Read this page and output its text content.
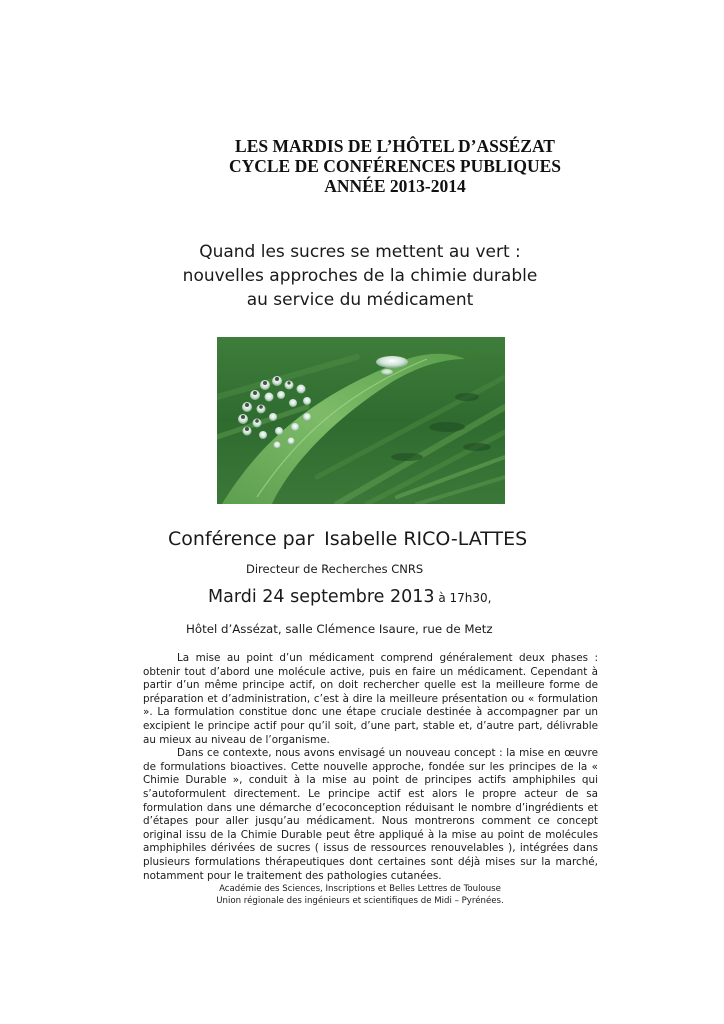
LES MARDIS DE L’HÔTEL D’ASSÉZAT
CYCLE DE CONFÉRENCES PUBLIQUES
ANNÉE 2013-2014
Quand les sucres se mettent au vert :
nouvelles approches de la chimie durable
au service du médicament
Conférence par Isabelle RICO-LATTES
Directeur de Recherches CNRS
Mardi 24 septembre 2013 à 17h30,
Hôtel d’Assézat, salle Clémence Isaure, rue de Metz

La mise au point d’un médicament comprend généralement deux phases : obtenir tout d’abord une molécule active, puis en faire un médicament. Cependant à partir d’un même principe actif, on doit rechercher quelle est la meilleure forme de préparation et d’administration, c’est à dire la meilleure présentation ou « formulation ». La formulation constitue donc une étape cruciale destinée à accompagner par un excipient le principe actif pour qu’il soit, d’une part, stable et, d’autre part, délivrable au mieux au niveau de l’organisme.

Dans ce contexte, nous avons envisagé un nouveau concept : la mise en œuvre de formulations bioactives. Cette nouvelle approche, fondée sur les principes de la « Chimie Durable », conduit à la mise au point de principes actifs amphiphiles qui s’autoformulent directement. Le principe actif est alors le propre acteur de sa formulation dans une démarche d’ecoconception réduisant le nombre d’ingrédients et d’étapes pour aller jusqu’au médicament. Nous montrerons comment ce concept original issu de la Chimie Durable peut être appliqué à la mise au point de molécules amphiphiles dérivées de sucres ( issus de ressources renouvelables ), intégrées dans plusieurs formulations thérapeutiques dont certaines sont déjà mises sur la marché, notamment pour le traitement des pathologies cutanées.

Académie des Sciences, Inscriptions et Belles Lettres de Toulouse
Union régionale des ingénieurs et scientifiques de Midi – Pyrénées.
